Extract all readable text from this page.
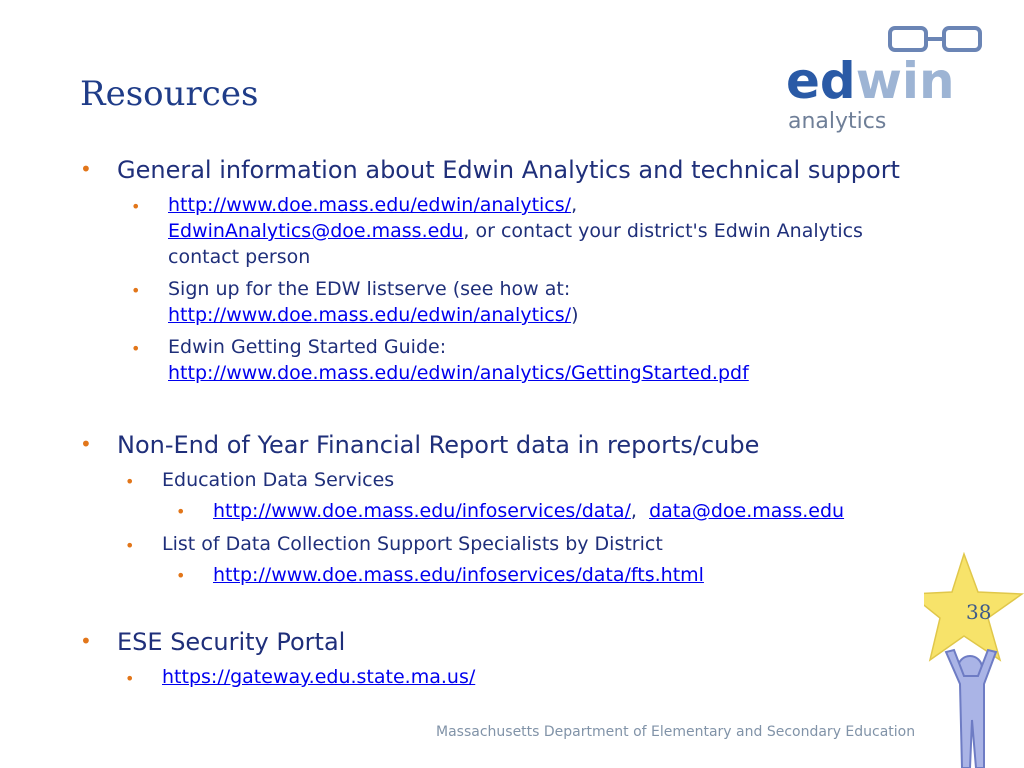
Resources	edwin
analytics
• General information about Edwin Analytics and technical support
• http://www.doe.mass.edu/edwin/analytics/,
EdwinAnalytics@doe.mass.edu, or contact your district's Edwin Analytics
contact person
• Sign up for the EDW listserve (see how at:
http://www.doe.mass.edu/edwin/analytics/)
• Edwin Getting Started Guide:
http://www.doe.mass.edu/edwin/analytics/GettingStarted.pdf
• Non-End of Year Financial Report data in reports/cube
• Education Data Services
• http://www.doe.mass.edu/infoservices/data/, data@doe.mass.edu
• List of Data Collection Support Specialists by District
• http://www.doe.mass.edu/infoservices/data/fts.html
• ESE Security Portal
• https://gateway.edu.state.ma.us/
Massachusetts Department of Elementary and Secondary Education
38
